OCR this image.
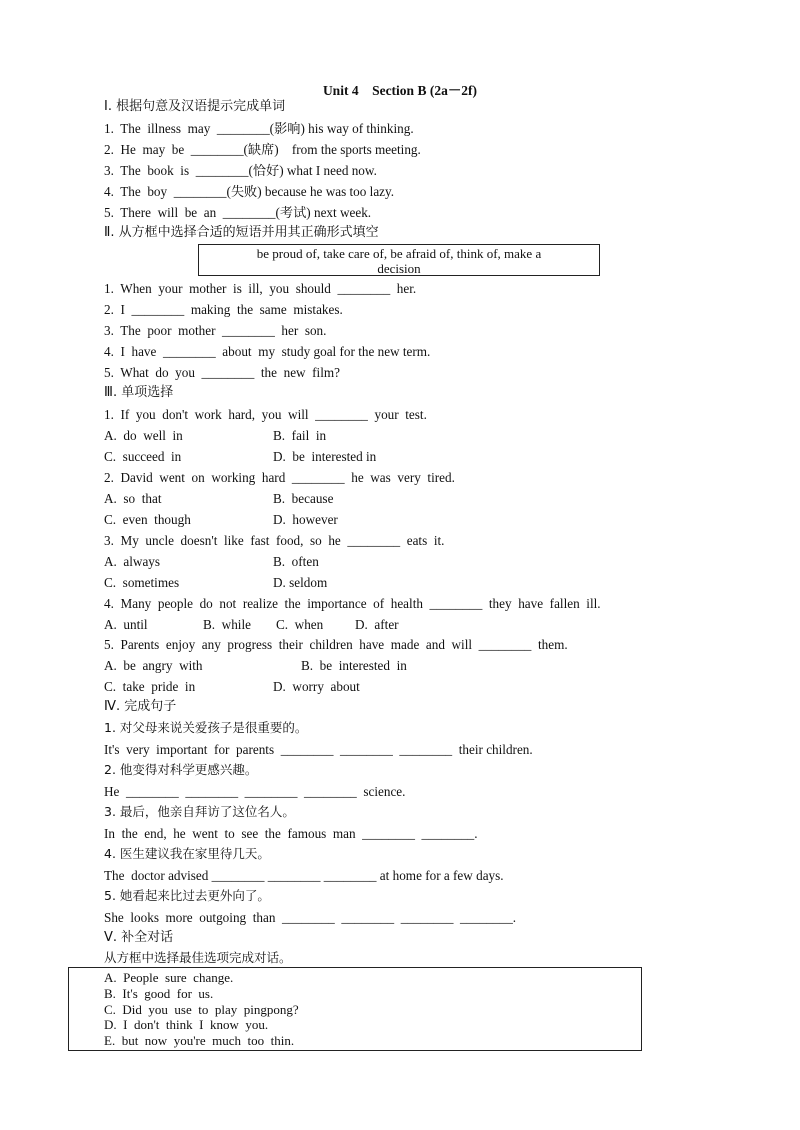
Unit 4    Section B (2a－2f)
Ⅰ. 根据句意及汉语提示完成单词
1.  The  illness  may  ________(影响) his way of thinking.
2.  He  may  be  ________(缺席)    from the sports meeting.
3.  The  book  is  ________(恰好) what I need now.
4.  The  boy  ________(失败) because he was too lazy.
5.  There  will  be  an  ________(考试) next week.
Ⅱ. 从方框中选择合适的短语并用其正确形式填空
be proud of, take care of, be afraid of, think of, make a
decision
1.  When  your  mother  is  ill,  you  should  ________  her.
2.  I  ________  making  the  same  mistakes.
3.  The  poor  mother  ________  her  son.
4.  I  have  ________  about  my  study goal for the new term.
5.  What  do  you  ________  the  new  film?
Ⅲ. 单项选择
1.  If  you  don't  work  hard,  you  will  ________  your  test.
A.  do  well  in	B.  fail  in
C.  succeed  in	D.  be  interested in
2.  David  went  on  working  hard  ________  he  was  very  tired.
A.  so  that	B.  because
C.  even  though	D.  however
3.  My  uncle  doesn't  like  fast  food,  so  he  ________  eats  it.
A.  always	B.  often
C.  sometimes	D. seldom
4.  Many  people  do  not  realize  the  importance  of  health  ________  they  have  fallen  ill.
A.  until	B.  while C.  when D.  after
5.  Parents  enjoy  any  progress  their  children  have  made  and  will  ________  them.
A.  be  angry  with	B.  be  interested  in
C.  take  pride  in	D.  worry  about
Ⅳ. 完成句子
1. 对父母来说关爱孩子是很重要的。
It's  very  important  for  parents  ________  ________  ________  their children.
2. 他变得对科学更感兴趣。
He  ________  ________  ________  ________  science.
3. 最后，他亲自拜访了这位名人。
In  the  end,  he  went  to  see  the  famous  man  ________  ________.
4. 医生建议我在家里待几天。
The  doctor advised ________ ________ ________ at home for a few days.
5. 她看起来比过去更外向了。
She  looks  more  outgoing  than  ________  ________  ________  ________.
Ⅴ. 补全对话
从方框中选择最佳选项完成对话。
A.  People  sure  change.
B.  It's  good  for  us.
C.  Did  you  use  to  play  pingpong?
D.  I  don't  think  I  know  you.
E.  but  now  you're  much  too  thin.
